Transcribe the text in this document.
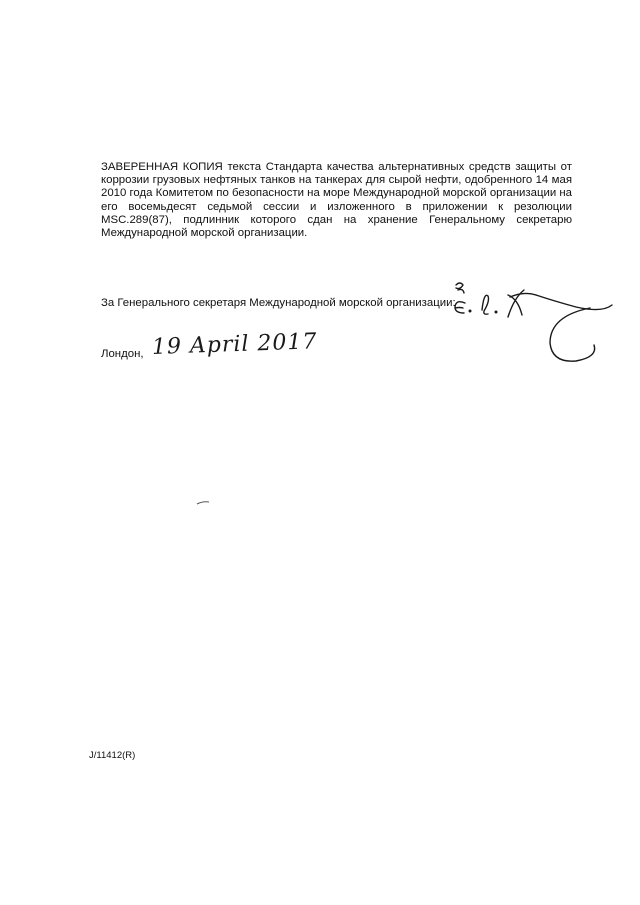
ЗАВЕРЕННАЯ КОПИЯ текста Стандарта качества альтернативных средств защиты от коррозии грузовых нефтяных танков на танкерах для сырой нефти, одобренного 14 мая 2010 года Комитетом по безопасности на море Международной морской организации на его восемьдесят седьмой сессии и изложенного в приложении к резолюции MSC.289(87), подлинник которого сдан на хранение Генеральному секретарю Международной морской организации.

За Генерального секретаря Международной морской организации:
Лондон, 19 April 2017
J/11412(R)
